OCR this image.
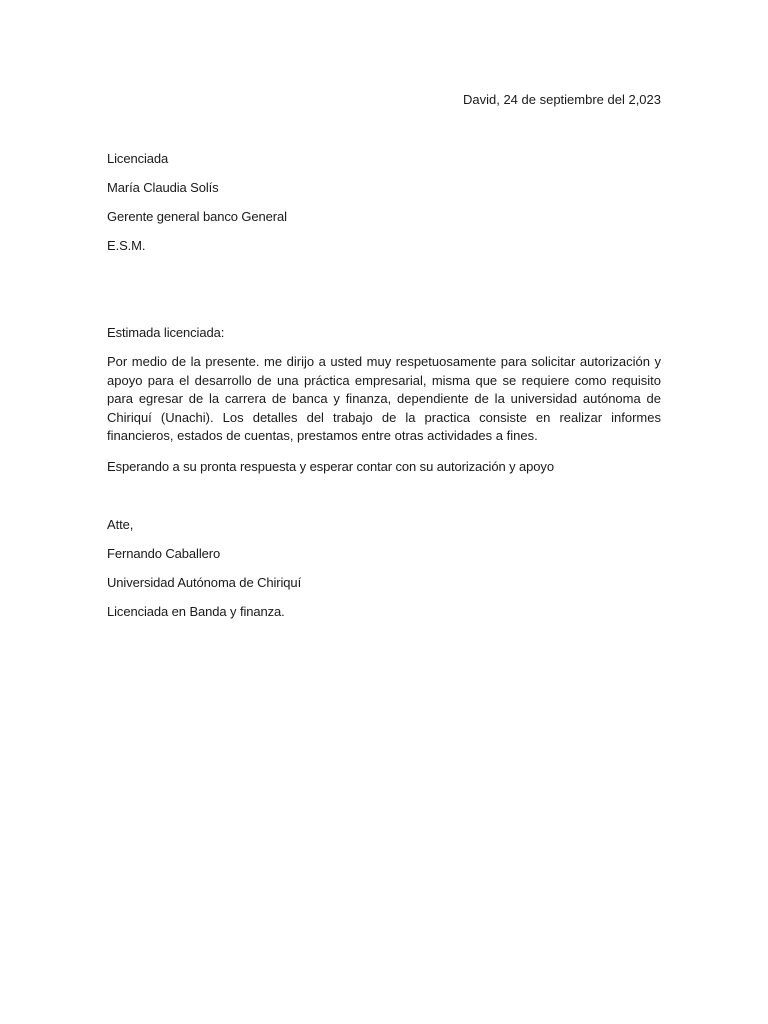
David, 24 de septiembre del 2,023
Licenciada
María Claudia Solís
Gerente general banco General
E.S.M.
Estimada licenciada:
Por medio de la presente. me dirijo a usted muy respetuosamente para solicitar autorización y apoyo para el desarrollo de una práctica empresarial, misma que se requiere como requisito para egresar de la carrera de banca y finanza, dependiente de la universidad autónoma de Chiriquí (Unachi). Los detalles del trabajo de la practica consiste en realizar informes financieros, estados de cuentas, prestamos entre otras actividades a fines.
Esperando a su pronta respuesta y esperar contar con su autorización y apoyo
Atte,
Fernando Caballero
Universidad Autónoma de Chiriquí
Licenciada en Banda y finanza.
